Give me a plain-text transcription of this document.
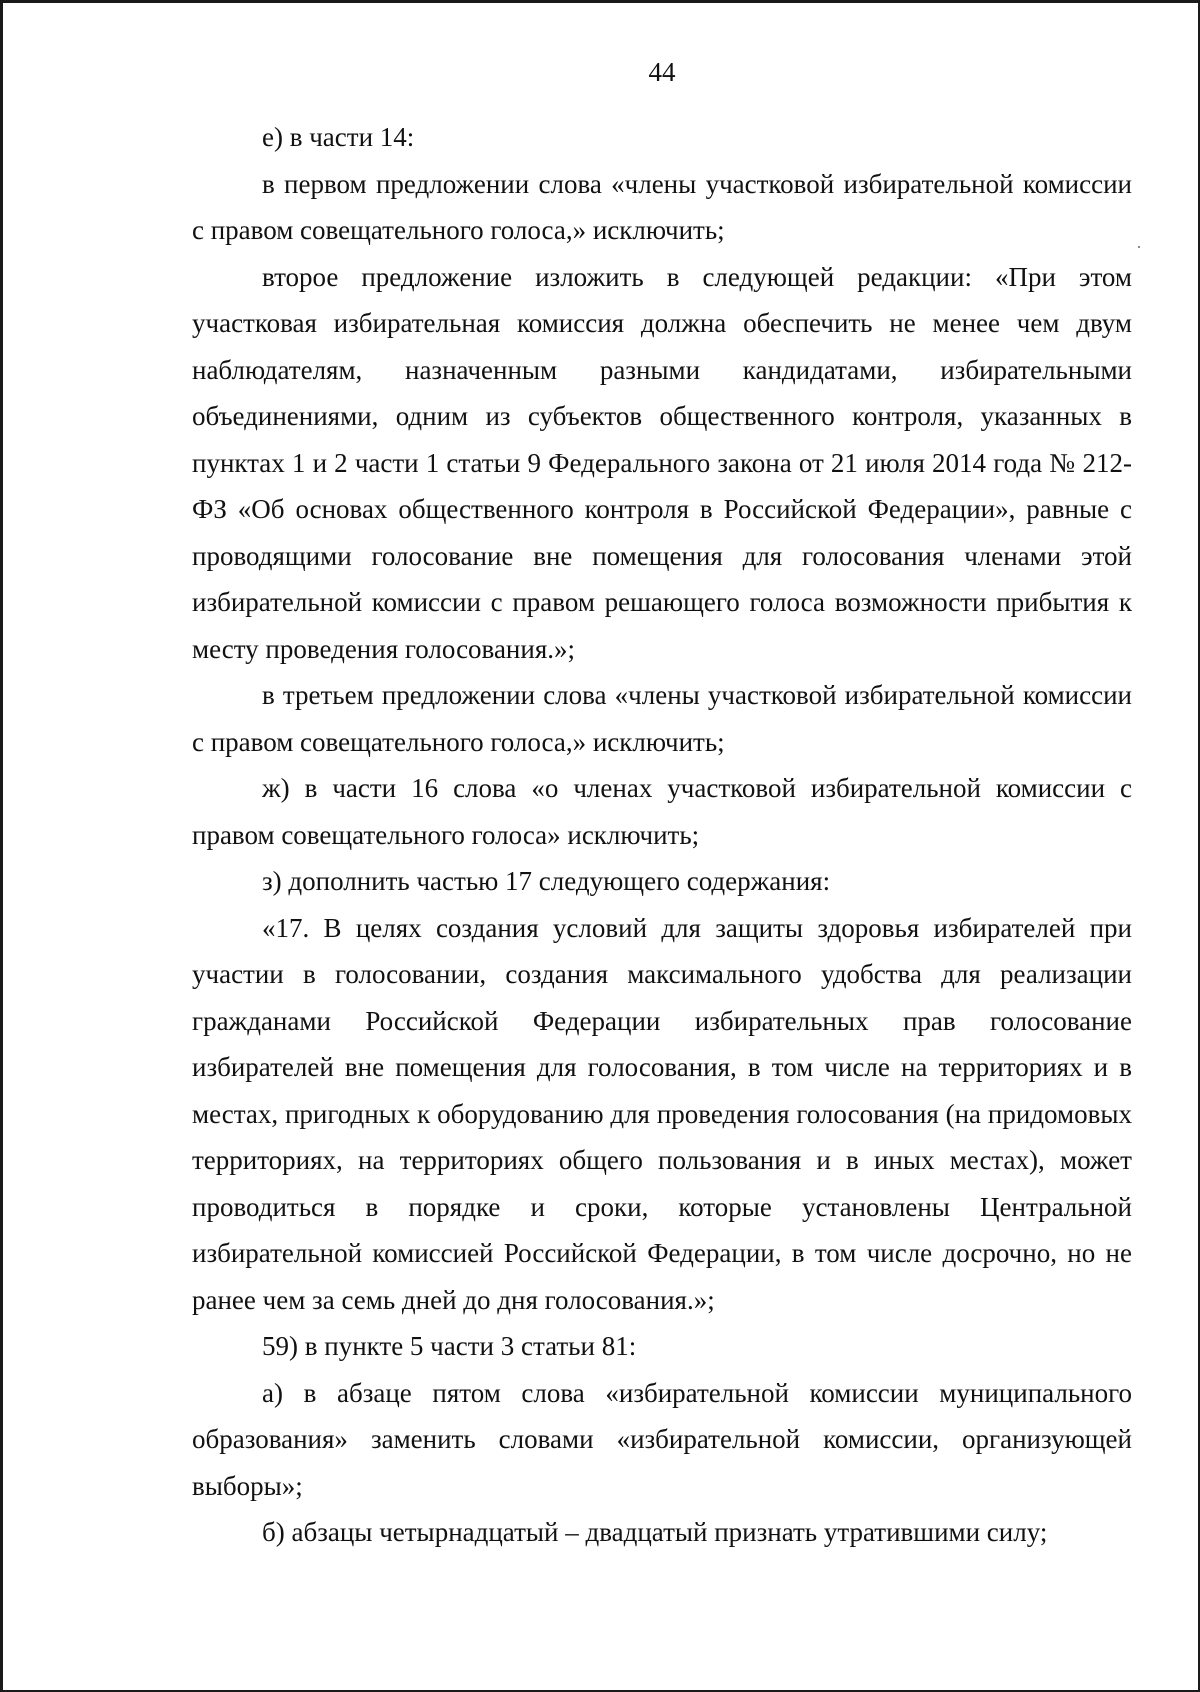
44

е) в части 14:

в первом предложении слова «члены участковой избирательной комиссии с правом совещательного голоса,» исключить;

второе предложение изложить в следующей редакции: «При этом участковая избирательная комиссия должна обеспечить не менее чем двум наблюдателям, назначенным разными кандидатами, избирательными объединениями, одним из субъектов общественного контроля, указанных в пунктах 1 и 2 части 1 статьи 9 Федерального закона от 21 июля 2014 года № 212-ФЗ «Об основах общественного контроля в Российской Федерации», равные с проводящими голосование вне помещения для голосования членами этой избирательной комиссии с правом решающего голоса возможности прибытия к месту проведения голосования.»;

в третьем предложении слова «члены участковой избирательной комиссии с правом совещательного голоса,» исключить;

ж) в части 16 слова «о членах участковой избирательной комиссии с правом совещательного голоса» исключить;

з) дополнить частью 17 следующего содержания:

«17. В целях создания условий для защиты здоровья избирателей при участии в голосовании, создания максимального удобства для реализации гражданами Российской Федерации избирательных прав голосование избирателей вне помещения для голосования, в том числе на территориях и в местах, пригодных к оборудованию для проведения голосования (на придомовых территориях, на территориях общего пользования и в иных местах), может проводиться в порядке и сроки, которые установлены Центральной избирательной комиссией Российской Федерации, в том числе досрочно, но не ранее чем за семь дней до дня голосования.»;

59) в пункте 5 части 3 статьи 81:

а) в абзаце пятом слова «избирательной комиссии муниципального образования» заменить словами «избирательной комиссии, организующей выборы»;

б) абзацы четырнадцатый – двадцатый признать утратившими силу;
